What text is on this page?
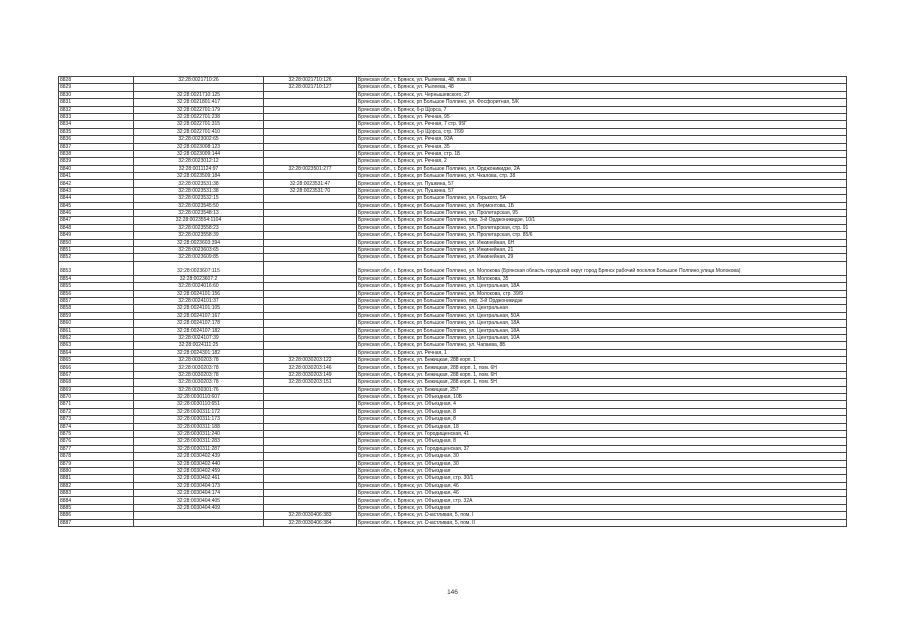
8828	32:28:0021710:26	32:28:0021710:126	Брянская обл., г. Брянск, ул. Рылеева, 48, пом. II
8829		32:28:0021710:127	Брянская обл., г. Брянск, ул. Рылеева, 48
8830	32:28:0021710:125		Брянская обл., г. Брянск, ул. Чернышевского, 27
8831	32:28:0021801:417		Брянская обл., г. Брянск, рп Большое Полпино, ул. Фосфоритная, 5/К
8832	32:28:0022701:179		Брянская обл., г. Брянск, б-р Щорса, 7
8833	32:28:0022701:238		Брянская обл., г. Брянск, ул. Речная, 95
8834	32:28:0022701:315		Брянская обл., г. Брянск, ул. Речная, 7 стр. 95Г
8835	32:28:0022701:410		Брянская обл., г. Брянск, б-р Щорса, стр. 7/99
8836	32:28:0023002:65		Брянская обл., г. Брянск, ул. Речная, 93А
8837	32:28:0023008:123		Брянская обл., г. Брянск, ул. Речная, 35
8838	32:28:0023009:144		Брянская обл., г. Брянск, ул. Речная, стр. 1Б
8839	32:28:0023012:12		Брянская обл., г. Брянск, ул. Речная, 2
8840	32:28:0011124:97	32:28:0023501:277	Брянская обл., г. Брянск, рп Большое Полпино, ул. Орджоникидзе, 2А
8841	32:28:0023509:184		Брянская обл., г. Брянск, рп Большое Полпино, ул. Чкалова, стр. 38
8842	32:28:0023531:38	32:28:0023531:47	Брянская обл., г. Брянск, ул. Пушкина, 57
8843	32:28:0023531:38	32:28:0023531:70	Брянская обл., г. Брянск, ул. Пушкина, 57
8844	32:28:0023532:15		Брянская обл., г. Брянск, рп Большое Полпино, ул. Горького, 5А
8845	32:28:0023545:50		Брянская обл., г. Брянск, рп Большое Полпино, ул. Лермонтова, 1Б
8846	32:28:0023548:13		Брянская обл., г. Брянск, рп Большое Полпино, ул. Пролетарская, 95
8847	32:28:0023554:1104		Брянская обл., г. Брянск, рп Большое Полпино, пер. 3-й Орджоникидзе, 10/1
8848	32:28:0023558:23		Брянская обл., г. Брянск, рп Большое Полпино, ул. Пролетарская, стр. 91
8849	32:28:0023558:39		Брянская обл., г. Брянск, рп Большое Полпино, ул. Пролетарская, стр. 85/6
8850	32:28:0023603:394		Брянская обл., г. Брянск, рп Большое Полпино, ул. Инкинейная, 6Н
8851	32:28:0023603:65		Брянская обл., г. Брянск, рп Большое Полпино, ул. Инкинейная, 21
8852	32:28:0023609:85		Брянская обл., г. Брянск, рп Большое Полпино, ул. Инкинейная, 29
8853	32:28:0023607:115		Брянская обл., г. Брянск, рп Большое Полпино, ул. Молокова (Брянская область городской округ город Брянск рабочий поселок Большое Полпино,улица Молокова)
8854	32:28:0023607:2		Брянская обл., г. Брянск, рп Большое Полпино, ул. Молокова, 35
8855	32:28:0024016:60		Брянская обл., г. Брянск, рп Большое Полпино, ул. Центральная, 18А
8856	32:28:0024101:156		Брянская обл., г. Брянск, рп Большое Полпино, ул. Молокова, стр. 39/9
8857	32:28:0024101:37		Брянская обл., г. Брянск, рп Большое Полпино, пер. 3-й Орджоникидзе
8858	32:28:0024101:105		Брянская обл., г. Брянск, рп Большое Полпино, ул. Центральная
8859	32:28:0024107:167		Брянская обл., г. Брянск, рп Большое Полпино, ул. Центральная, 50А
8860	32:28:0024107:178		Брянская обл., г. Брянск, рп Большое Полпино, ул. Центральная, 18А
8861	32:28:0024107:182		Брянская обл., г. Брянск, рп Большое Полпино, ул. Центральная, 18А
8862	32:28:0024107:39		Брянская обл., г. Брянск, рп Большое Полпино, ул. Центральная, 10А
8863	32:28:0024111:25		Брянская обл., г. Брянск, рп Большое Полпино, ул. Чапаева, 8Б
8864	32:28:0024301:182		Брянская обл., г. Брянск, ул. Речная, 1
8865	32:28:0030203:78	32:28:0030203:122	Брянская обл., г. Брянск, ул. Бежицкая, 288 корп. 1
8866	32:28:0030203:78	32:28:0030203:146	Брянская обл., г. Брянск, ул. Бежицкая, 288 корп. 1, пом. 6Н
8867	32:28:0030203:78	32:28:0030203:149	Брянская обл., г. Брянск, ул. Бежицкая, 288 корп. 1, пом. 6Н
8868	32:28:0030203:78	32:28:0030203:151	Брянская обл., г. Брянск, ул. Бежицкая, 288 корп. 1, пом. 5Н
8869	32:28:0030301:76		Брянская обл., г. Брянск, ул. Бежицкая, 257
8870	32:28:0030110:607		Брянская обл., г. Брянск, ул. Объездная, 10Б
8871	32:28:0030110:651		Брянская обл., г. Брянск, ул. Объездная, 4
8872	32:28:0030311:172		Брянская обл., г. Брянск, ул. Объездная, 8
8873	32:28:0030311:173		Брянская обл., г. Брянск, ул. Объездная, 8
8874	32:28:0030311:188		Брянская обл., г. Брянск, ул. Объездная, 18
8875	32:28:0030311:240		Брянская обл., г. Брянск, ул. Городищенская, 41
8876	32:28:0030311:283		Брянская обл., г. Брянск, ул. Объездная, 8
8877	32:28:0030311:287		Брянская обл., г. Брянск, ул. Городищенская, 37
8878	32:28:0030402:439		Брянская обл., г. Брянск, ул. Объездная, 30
8879	32:28:0030402:440		Брянская обл., г. Брянск, ул. Объездная, 30
8880	32:28:0030402:459		Брянская обл., г. Брянск, ул. Объездная
8881	32:28:0030402:461		Брянская обл., г. Брянск, ул. Объездная, стр. 30/1
8882	32:28:0030404:173		Брянская обл., г. Брянск, ул. Объездная, 46
8883	32:28:0030404:174		Брянская обл., г. Брянск, ул. Объездная, 46
8884	32:28:0030404:405		Брянская обл., г. Брянск, ул. Объездная, стр. 32А
8885	32:28:0030404:409		Брянская обл., г. Брянск, ул. Объездная
8886		32:28:0030406:383	Брянская обл., г. Брянск, ул. Счастливая, 5, пом. I
8887		32:28:0030406:384	Брянская обл., г. Брянск, ул. Счастливая, 5, пом. II
146
